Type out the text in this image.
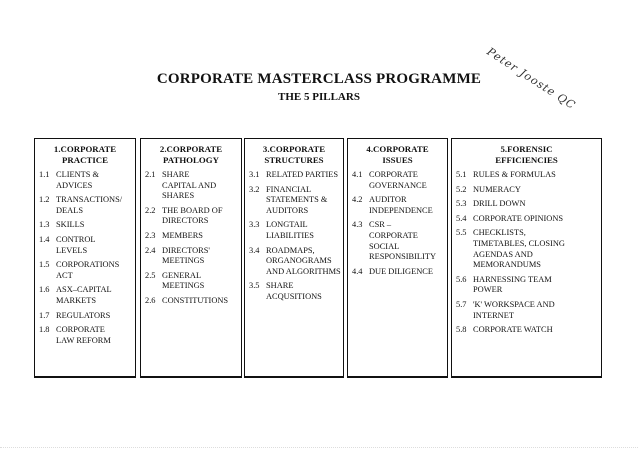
Peter Jooste QC
CORPORATE MASTERCLASS PROGRAMME
THE 5 PILLARS
1.CORPORATE
PRACTICE
1.1 CLIENTS &
ADVICES
1.2 TRANSACTIONS/
DEALS
1.3 SKILLS
1.4 CONTROL
LEVELS
1.5 CORPORATIONS
ACT
1.6 ASX–CAPITAL
MARKETS
1.7 REGULATORS
1.8 CORPORATE
LAW REFORM
2.CORPORATE
PATHOLOGY
2.1 SHARE
CAPITAL AND
SHARES
2.2 THE BOARD OF
DIRECTORS
2.3 MEMBERS
2.4 DIRECTORS'
MEETINGS
2.5 GENERAL
MEETINGS
2.6 CONSTITUTIONS
3.CORPORATE
STRUCTURES
3.1 RELATED PARTIES
3.2 FINANCIAL
STATEMENTS &
AUDITORS
3.3 LONGTAIL
LIABILITIES
3.4 ROADMAPS,
ORGANOGRAMS
AND ALGORITHMS
3.5 SHARE
ACQUSITIONS
4.CORPORATE
ISSUES
4.1 CORPORATE
GOVERNANCE
4.2 AUDITOR
INDEPENDENCE
4.3 CSR –
CORPORATE
SOCIAL
RESPONSIBILITY
4.4 DUE DILIGENCE
5.FORENSIC
EFFICIENCIES
5.1 RULES & FORMULAS
5.2 NUMERACY
5.3 DRILL DOWN
5.4 CORPORATE OPINIONS
5.5 CHECKLISTS,
TIMETABLES, CLOSING
AGENDAS AND
MEMORANDUMS
5.6 HARNESSING TEAM
POWER
5.7 'K' WORKSPACE AND
INTERNET
5.8 CORPORATE WATCH
